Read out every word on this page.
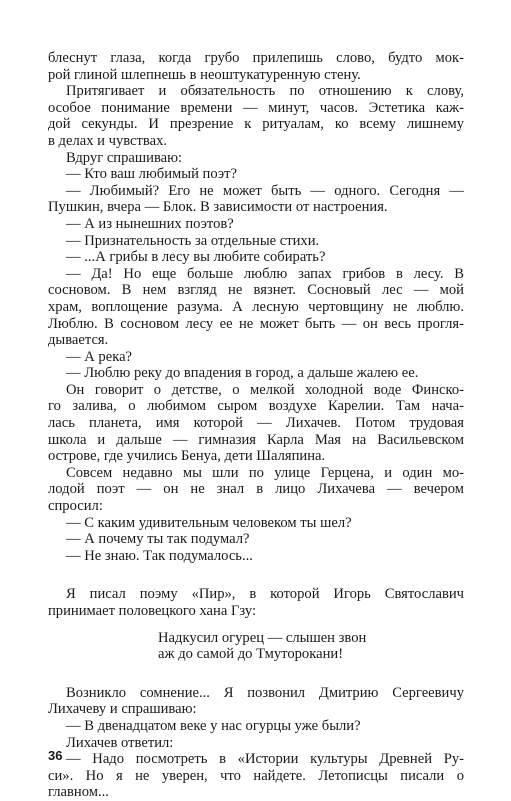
блеснут глаза, когда грубо прилепишь слово, будто мок-
рой глиной шлепнешь в неоштукатуренную стену.
Притягивает и обязательность по отношению к слову,
особое понимание времени — минут, часов. Эстетика каж-
дой секунды. И презрение к ритуалам, ко всему лишнему
в делах и чувствах.
Вдруг спрашиваю:
— Кто ваш любимый поэт?
— Любимый? Его не может быть — одного. Сегодня —
Пушкин, вчера — Блок. В зависимости от настроения.
— А из нынешних поэтов?
— Признательность за отдельные стихи.
— ...А грибы в лесу вы любите собирать?
— Да! Но еще больше люблю запах грибов в лесу. В
сосновом. В нем взгляд не вязнет. Сосновый лес — мой
храм, воплощение разума. А лесную чертовщину не люблю.
Люблю. В сосновом лесу ее не может быть — он весь прогля-
дывается.
— А река?
— Люблю реку до впадения в город, а дальше жалею ее.
Он говорит о детстве, о мелкой холодной воде Финско-
го залива, о любимом сыром воздухе Карелии. Там нача-
лась планета, имя которой — Лихачев. Потом трудовая
школа и дальше — гимназия Карла Мая на Васильевском
острове, где учились Бенуа, дети Шаляпина.
Совсем недавно мы шли по улице Герцена, и один мо-
лодой поэт — он не знал в лицо Лихачева — вечером
спросил:
— С каким удивительным человеком ты шел?
— А почему ты так подумал?
— Не знаю. Так подумалось...
Я писал поэму «Пир», в которой Игорь Святославич
принимает половецкого хана Гзу:
Надкусил огурец — слышен звон
аж до самой до Тмуторокани!
Возникло сомнение... Я позвонил Дмитрию Сергеевичу
Лихачеву и спрашиваю:
— В двенадцатом веке у нас огурцы уже были?
Лихачев ответил:
— Надо посмотреть в «Истории культуры Древней Ру-
си». Но я не уверен, что найдете. Летописцы писали о
главном...
36
